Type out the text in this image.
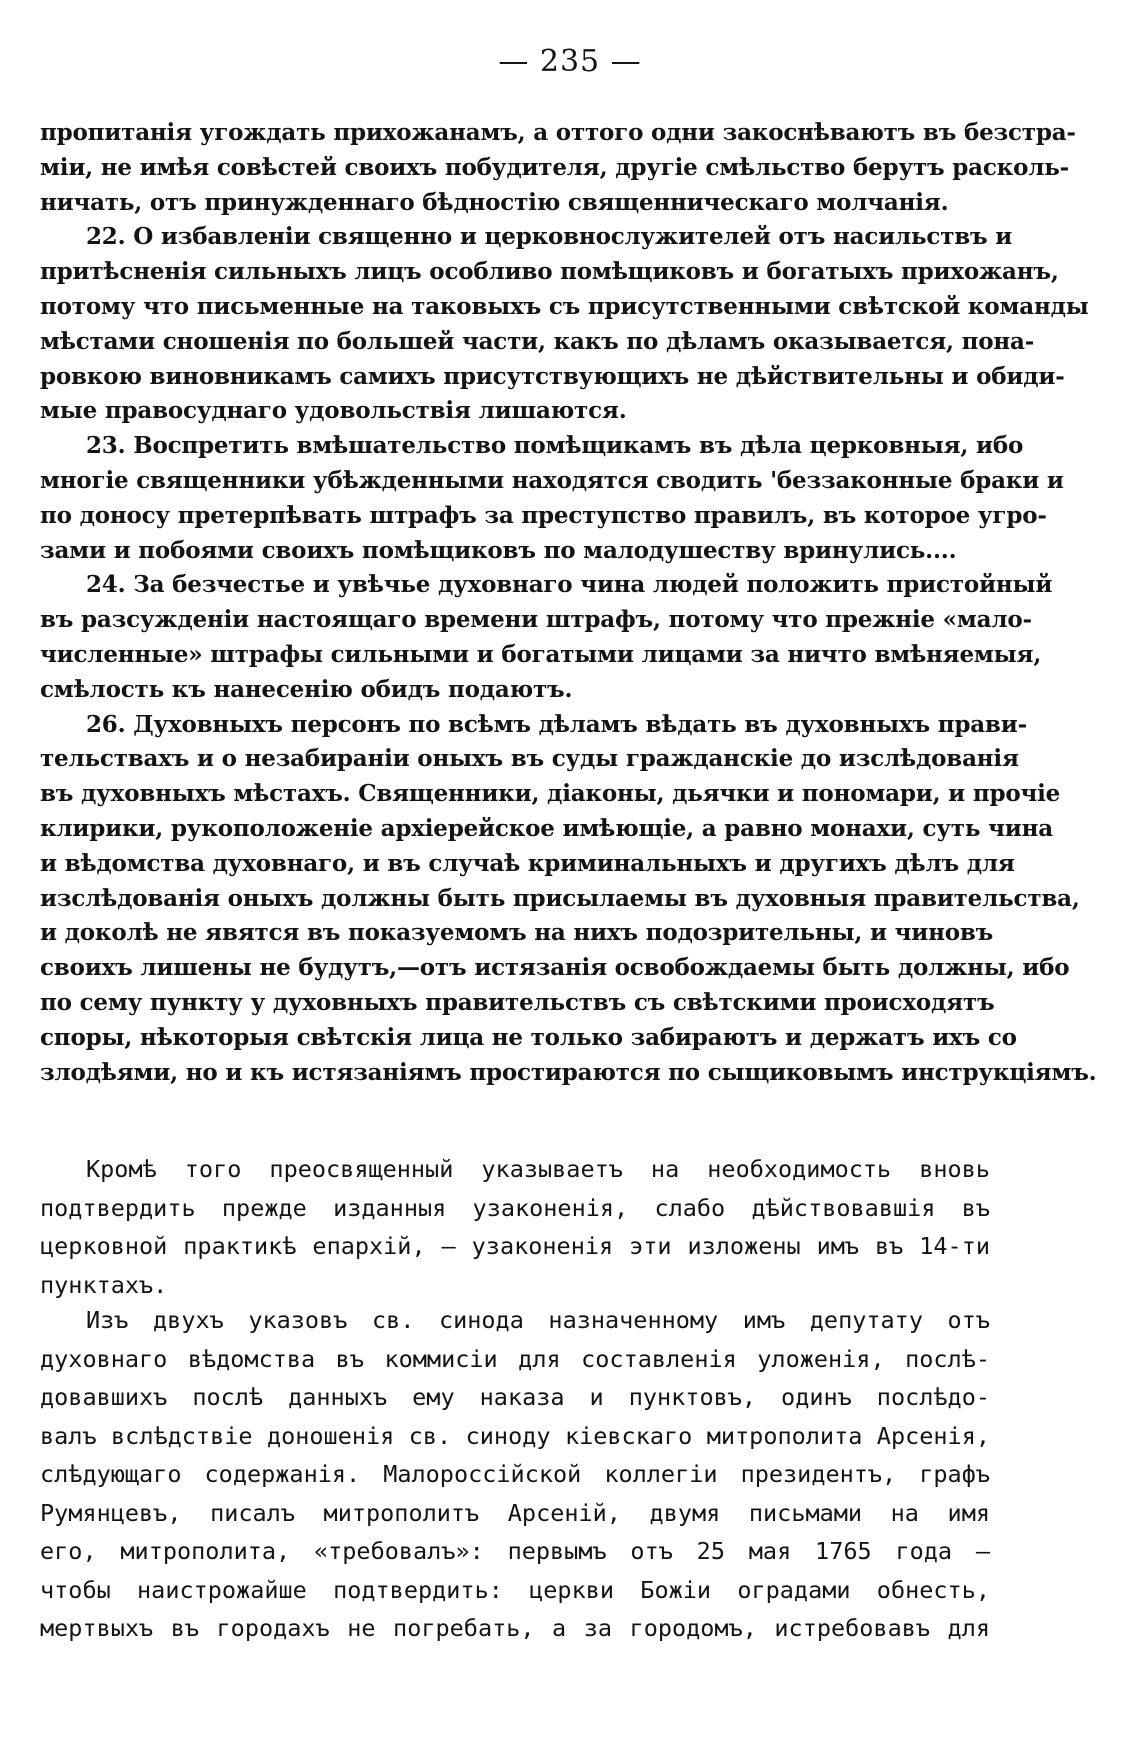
— 235 —
пропитанія угождать прихожанамъ, а оттого одни закоснѣваютъ въ безстра-
міи, не имѣя совѣстей своихъ побудителя, другіе смѣльство берутъ расколь-
ничать, отъ принужденнаго бѣдностію священническаго молчанія.
22. О избавленіи священно и церковнослужителей отъ насильствъ и
притѣсненія сильныхъ лицъ особливо помѣщиковъ и богатыхъ прихожанъ,
потому что письменные на таковыхъ съ присутственными свѣтской команды
мѣстами сношенія по большей части, какъ по дѣламъ оказывается, пона-
ровкою виновникамъ самихъ присутствующихъ не дѣйствительны и обиди-
мые правосуднаго удовольствія лишаются.
23. Воспретить вмѣшательство помѣщикамъ въ дѣла церковныя, ибо
многіе священники убѣжденными находятся сводить 'беззаконные браки и
по доносу претерпѣвать штрафъ за преступство правилъ, въ которое угро-
зами и побоями своихъ помѣщиковъ по малодушеству вринулись....
24. За безчестье и увѣчье духовнаго чина людей положить пристойный
въ разсужденіи настоящаго времени штрафъ, потому что прежніе «мало-
численные» штрафы сильными и богатыми лицами за ничто вмѣняемыя,
смѣлость къ нанесенію обидъ подаютъ.
26. Духовныхъ персонъ по всѣмъ дѣламъ вѣдать въ духовныхъ прави-
тельствахъ и о незабираніи оныхъ въ суды гражданскіе до изслѣдованія
въ духовныхъ мѣстахъ. Священники, діаконы, дьячки и пономари, и прочіе
клирики, рукоположеніе архіерейское имѣющіе, а равно монахи, суть чина
и вѣдомства духовнаго, и въ случаѣ криминальныхъ и другихъ дѣлъ для
изслѣдованія оныхъ должны быть присылаемы въ духовныя правительства,
и доколѣ не явятся въ показуемомъ на нихъ подозрительны, и чиновъ
своихъ лишены не будутъ,—отъ истязанія освобождаемы быть должны, ибо
по сему пункту у духовныхъ правительствъ съ свѣтскими происходятъ
споры, нѣкоторыя свѣтскія лица не только забираютъ и держатъ ихъ со
злодѣями, но и къ истязаніямъ простираются по сыщиковымъ инструкціямъ.
Кромѣ того преосвященный указываетъ на необходимость вновь
подтвердить прежде изданныя узаконенія, слабо дѣйствовавшія въ
церковной практикѣ епархій, – узаконенія эти изложены имъ въ 14-ти
пунктахъ.
Изъ двухъ указовъ св. синода назначенному имъ депутату отъ
духовнаго вѣдомства въ коммисіи для составленія уложенія, послѣ-
довавшихъ послѣ данныхъ ему наказа и пунктовъ, одинъ послѣдо-
валъ вслѣдствіе доношенія св. синоду кіевскаго митрополита Арсенія,
слѣдующаго содержанія. Малороссійской коллегіи президентъ, графъ
Румянцевъ, писалъ митрополитъ Арсеній, двумя письмами на имя
его, митрополита, «требовалъ»: первымъ отъ 25 мая 1765 года —
чтобы наистрожайше подтвердить: церкви Божіи оградами обнесть,
мертвыхъ въ городахъ не погребать, а за городомъ, истребовавъ для
